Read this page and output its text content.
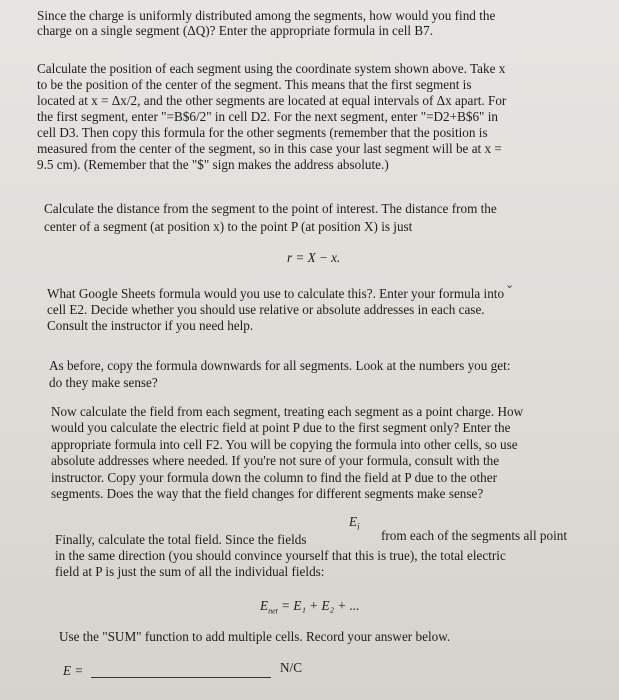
Since the charge is uniformly distributed among the segments, how would you find the
charge on a single segment (ΔQ)? Enter the appropriate formula in cell B7.
Calculate the position of each segment using the coordinate system shown above. Take x
to be the position of the center of the segment. This means that the first segment is
located at x = Δx/2, and the other segments are located at equal intervals of Δx apart. For
the first segment, enter "=B$6/2" in cell D2. For the next segment, enter "=D2+B$6" in
cell D3. Then copy this formula for the other segments (remember that the position is
measured from the center of the segment, so in this case your last segment will be at x =
9.5 cm). (Remember that the "$" sign makes the address absolute.)
Calculate the distance from the segment to the point of interest. The distance from the
center of a segment (at position x) to the point P (at position X) is just
r = X − x.
⌄
What Google Sheets formula would you use to calculate this?. Enter your formula into
cell E2. Decide whether you should use relative or absolute addresses in each case.
Consult the instructor if you need help.
As before, copy the formula downwards for all segments. Look at the numbers you get:
do they make sense?
Now calculate the field from each segment, treating each segment as a point charge. How
would you calculate the electric field at point P due to the first segment only? Enter the
appropriate formula into cell F2. You will be copying the formula into other cells, so use
absolute addresses where needed. If you're not sure of your formula, consult with the
instructor. Copy your formula down the column to find the field at P due to the other
segments. Does the way that the field changes for different segments make sense?
Finally, calculate the total field. Since the fields
$E_i$
from each of the segments all point
in the same direction (you should convince yourself that this is true), the total electric
field at P is just the sum of all the individual fields:
$E_{net} = E_1 + E_2$ + ...
Use the "SUM" function to add multiple cells. Record your answer below.
E =	N/C
